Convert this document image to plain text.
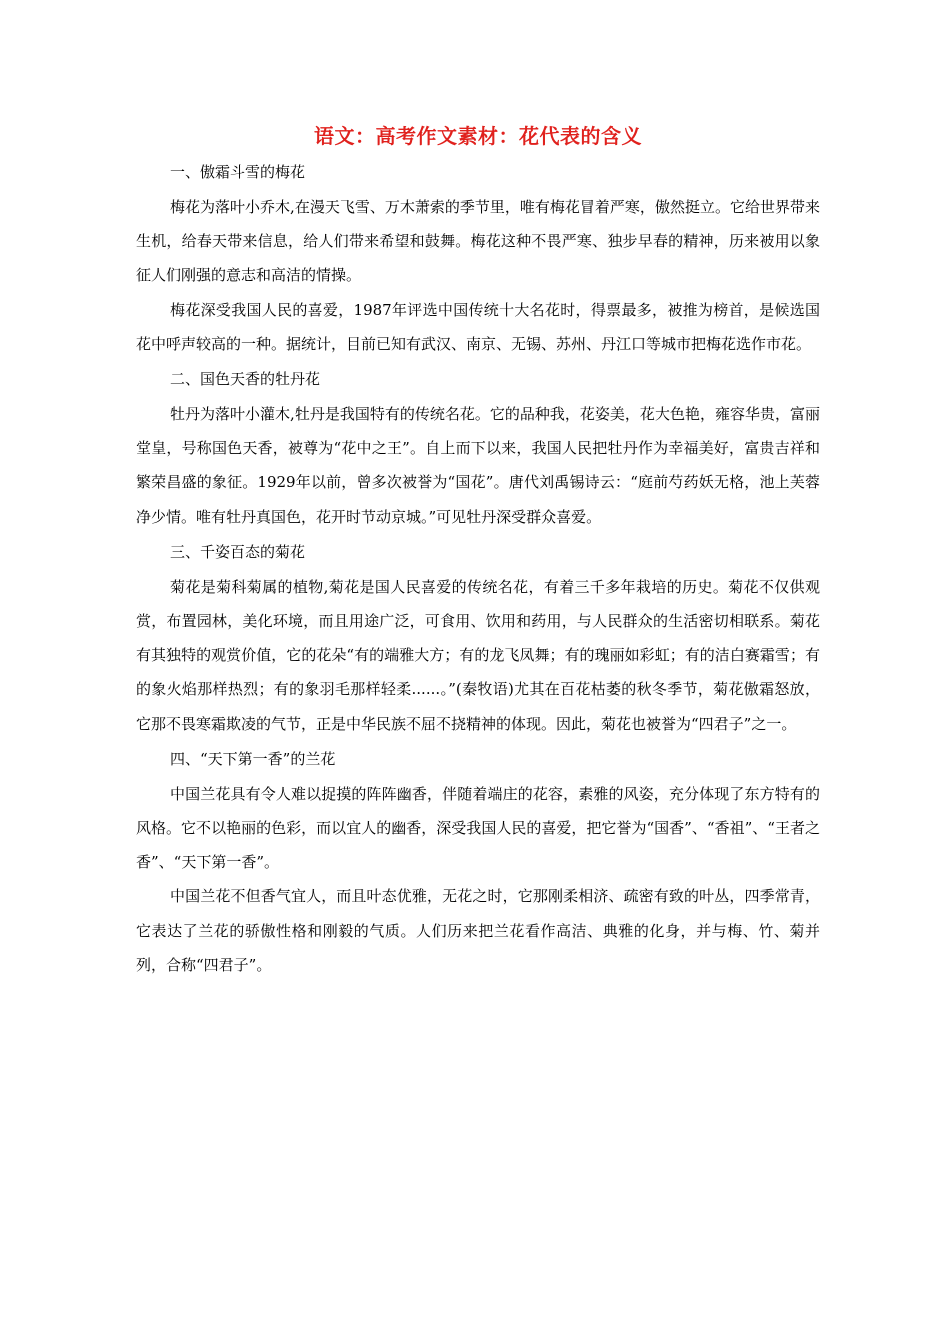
语文：高考作文素材：花代表的含义

一、傲霜斗雪的梅花

梅花为落叶小乔木,在漫天飞雪、万木萧索的季节里，唯有梅花冒着严寒，傲然挺立。它给世界带来生机，给春天带来信息，给人们带来希望和鼓舞。梅花这种不畏严寒、独步早春的精神，历来被用以象征人们刚强的意志和高洁的情操。

梅花深受我国人民的喜爱，1987年评选中国传统十大名花时，得票最多，被推为榜首，是候选国花中呼声较高的一种。据统计，目前已知有武汉、南京、无锡、苏州、丹江口等城市把梅花选作市花。

二、国色天香的牡丹花

牡丹为落叶小灌木,牡丹是我国特有的传统名花。它的品种我，花姿美，花大色艳，雍容华贵，富丽堂皇，号称国色天香，被尊为“花中之王”。自上而下以来，我国人民把牡丹作为幸福美好，富贵吉祥和繁荣昌盛的象征。1929年以前，曾多次被誉为“国花”。唐代刘禹锡诗云：“庭前芍药妖无格，池上芙蓉净少情。唯有牡丹真国色，花开时节动京城。”可见牡丹深受群众喜爱。

三、千姿百态的菊花

菊花是菊科菊属的植物,菊花是国人民喜爱的传统名花，有着三千多年栽培的历史。菊花不仅供观赏，布置园林，美化环境，而且用途广泛，可食用、饮用和药用，与人民群众的生活密切相联系。菊花有其独特的观赏价值，它的花朵“有的端雅大方；有的龙飞凤舞；有的瑰丽如彩虹；有的洁白赛霜雪；有的象火焰那样热烈；有的象羽毛那样轻柔......。”(秦牧语)尤其在百花枯萎的秋冬季节，菊花傲霜怒放，它那不畏寒霜欺凌的气节，正是中华民族不屈不挠精神的体现。因此，菊花也被誉为“四君子”之一。

四、“天下第一香”的兰花

中国兰花具有令人难以捉摸的阵阵幽香，伴随着端庄的花容，素雅的风姿，充分体现了东方特有的风格。它不以艳丽的色彩，而以宜人的幽香，深受我国人民的喜爱，把它誉为“国香”、“香祖”、“王者之香”、“天下第一香”。

中国兰花不但香气宜人，而且叶态优雅，无花之时，它那刚柔相济、疏密有致的叶丛，四季常青，它表达了兰花的骄傲性格和刚毅的气质。人们历来把兰花看作高洁、典雅的化身，并与梅、竹、菊并列，合称“四君子”。
